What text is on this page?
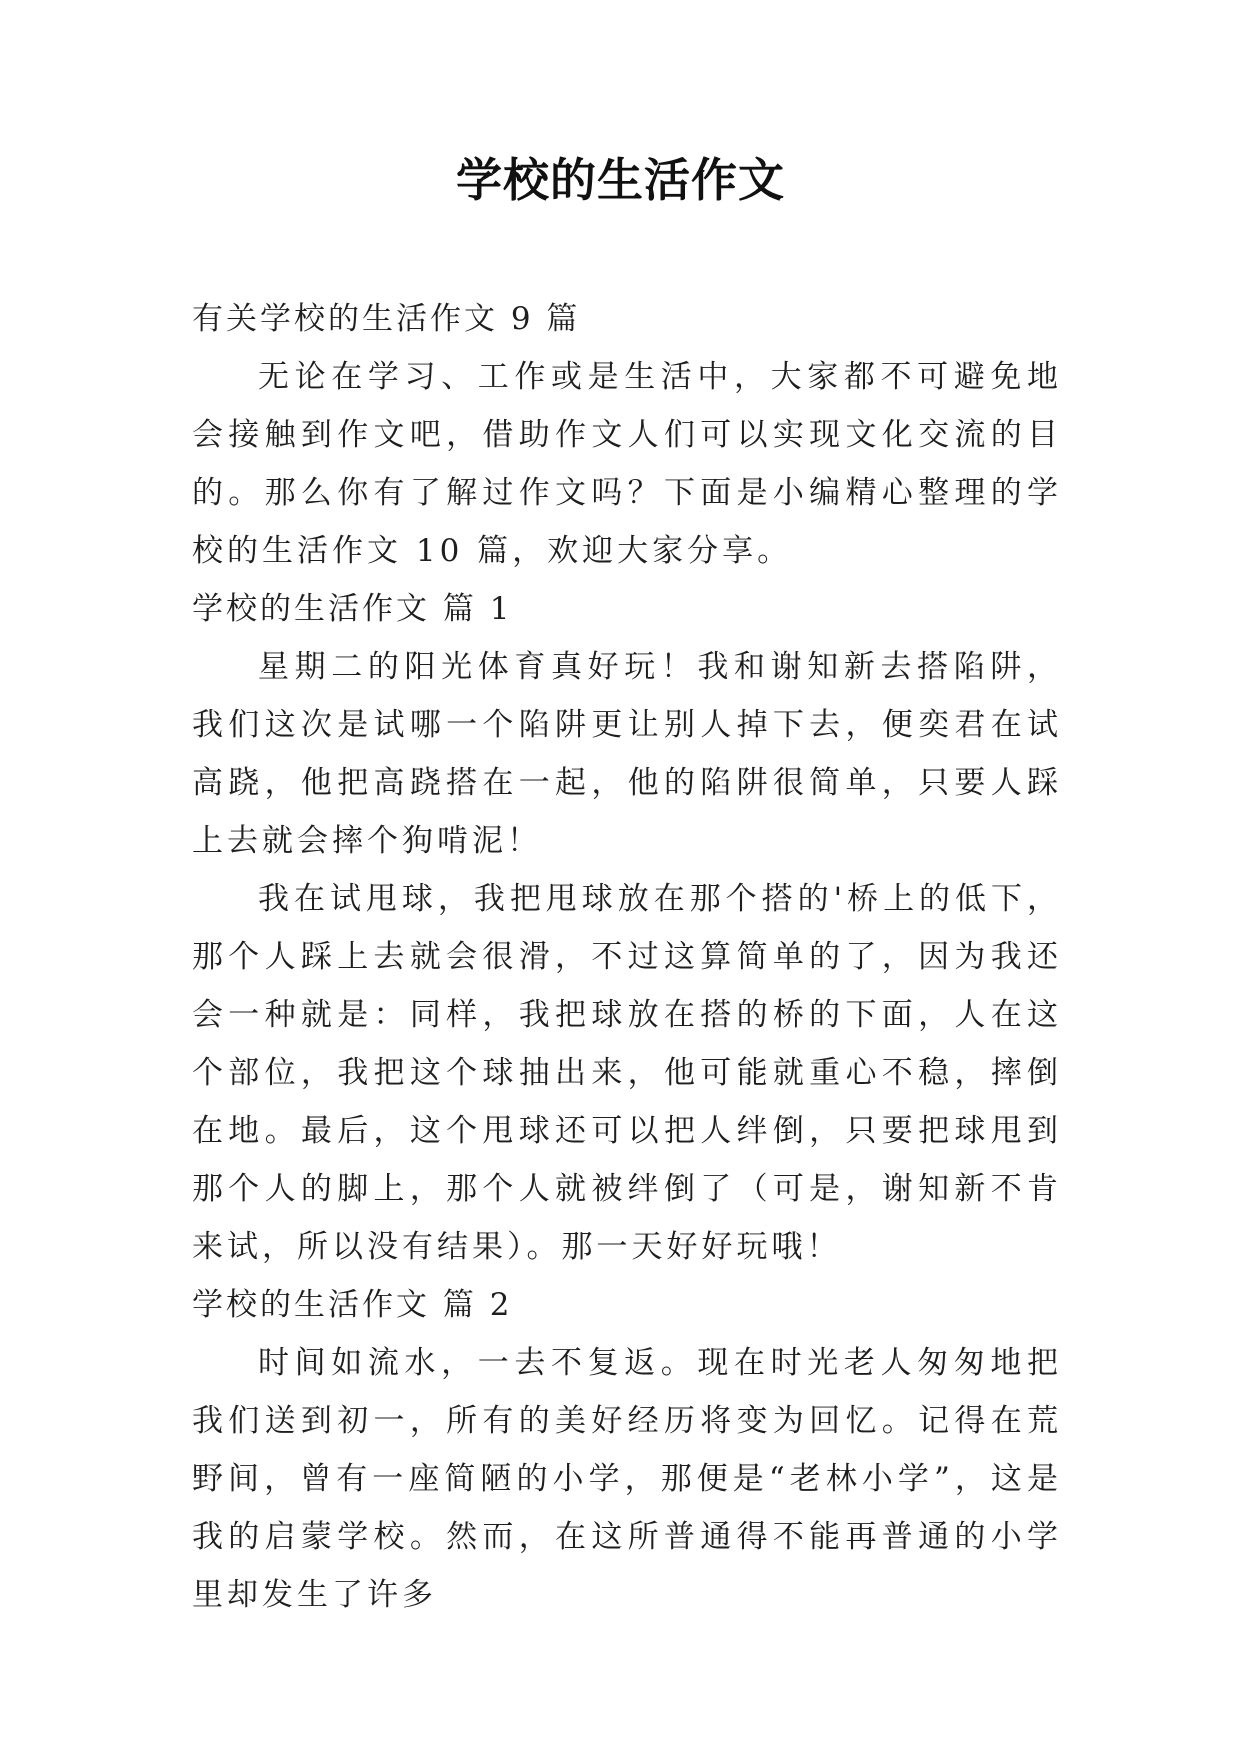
学校的生活作文

有关学校的生活作文 9 篇

无论在学习、工作或是生活中，大家都不可避免地会接触到作文吧，借助作文人们可以实现文化交流的目的。那么你有了解过作文吗？下面是小编精心整理的学校的生活作文 10 篇，欢迎大家分享。

学校的生活作文 篇 1

星期二的阳光体育真好玩！我和谢知新去搭陷阱，我们这次是试哪一个陷阱更让别人掉下去，便奕君在试高跷，他把高跷搭在一起，他的陷阱很简单，只要人踩上去就会摔个狗啃泥！

我在试甩球，我把甩球放在那个搭的'桥上的低下，那个人踩上去就会很滑，不过这算简单的了，因为我还会一种就是：同样，我把球放在搭的桥的下面，人在这个部位，我把这个球抽出来，他可能就重心不稳，摔倒在地。最后，这个甩球还可以把人绊倒，只要把球甩到那个人的脚上，那个人就被绊倒了（可是，谢知新不肯来试，所以没有结果）。那一天好好玩哦！

学校的生活作文 篇 2

时间如流水，一去不复返。现在时光老人匆匆地把我们送到初一，所有的美好经历将变为回忆。记得在荒野间，曾有一座简陋的小学，那便是“老林小学”，这是我的启蒙学校。然而，在这所普通得不能再普通的小学里却发生了许多
